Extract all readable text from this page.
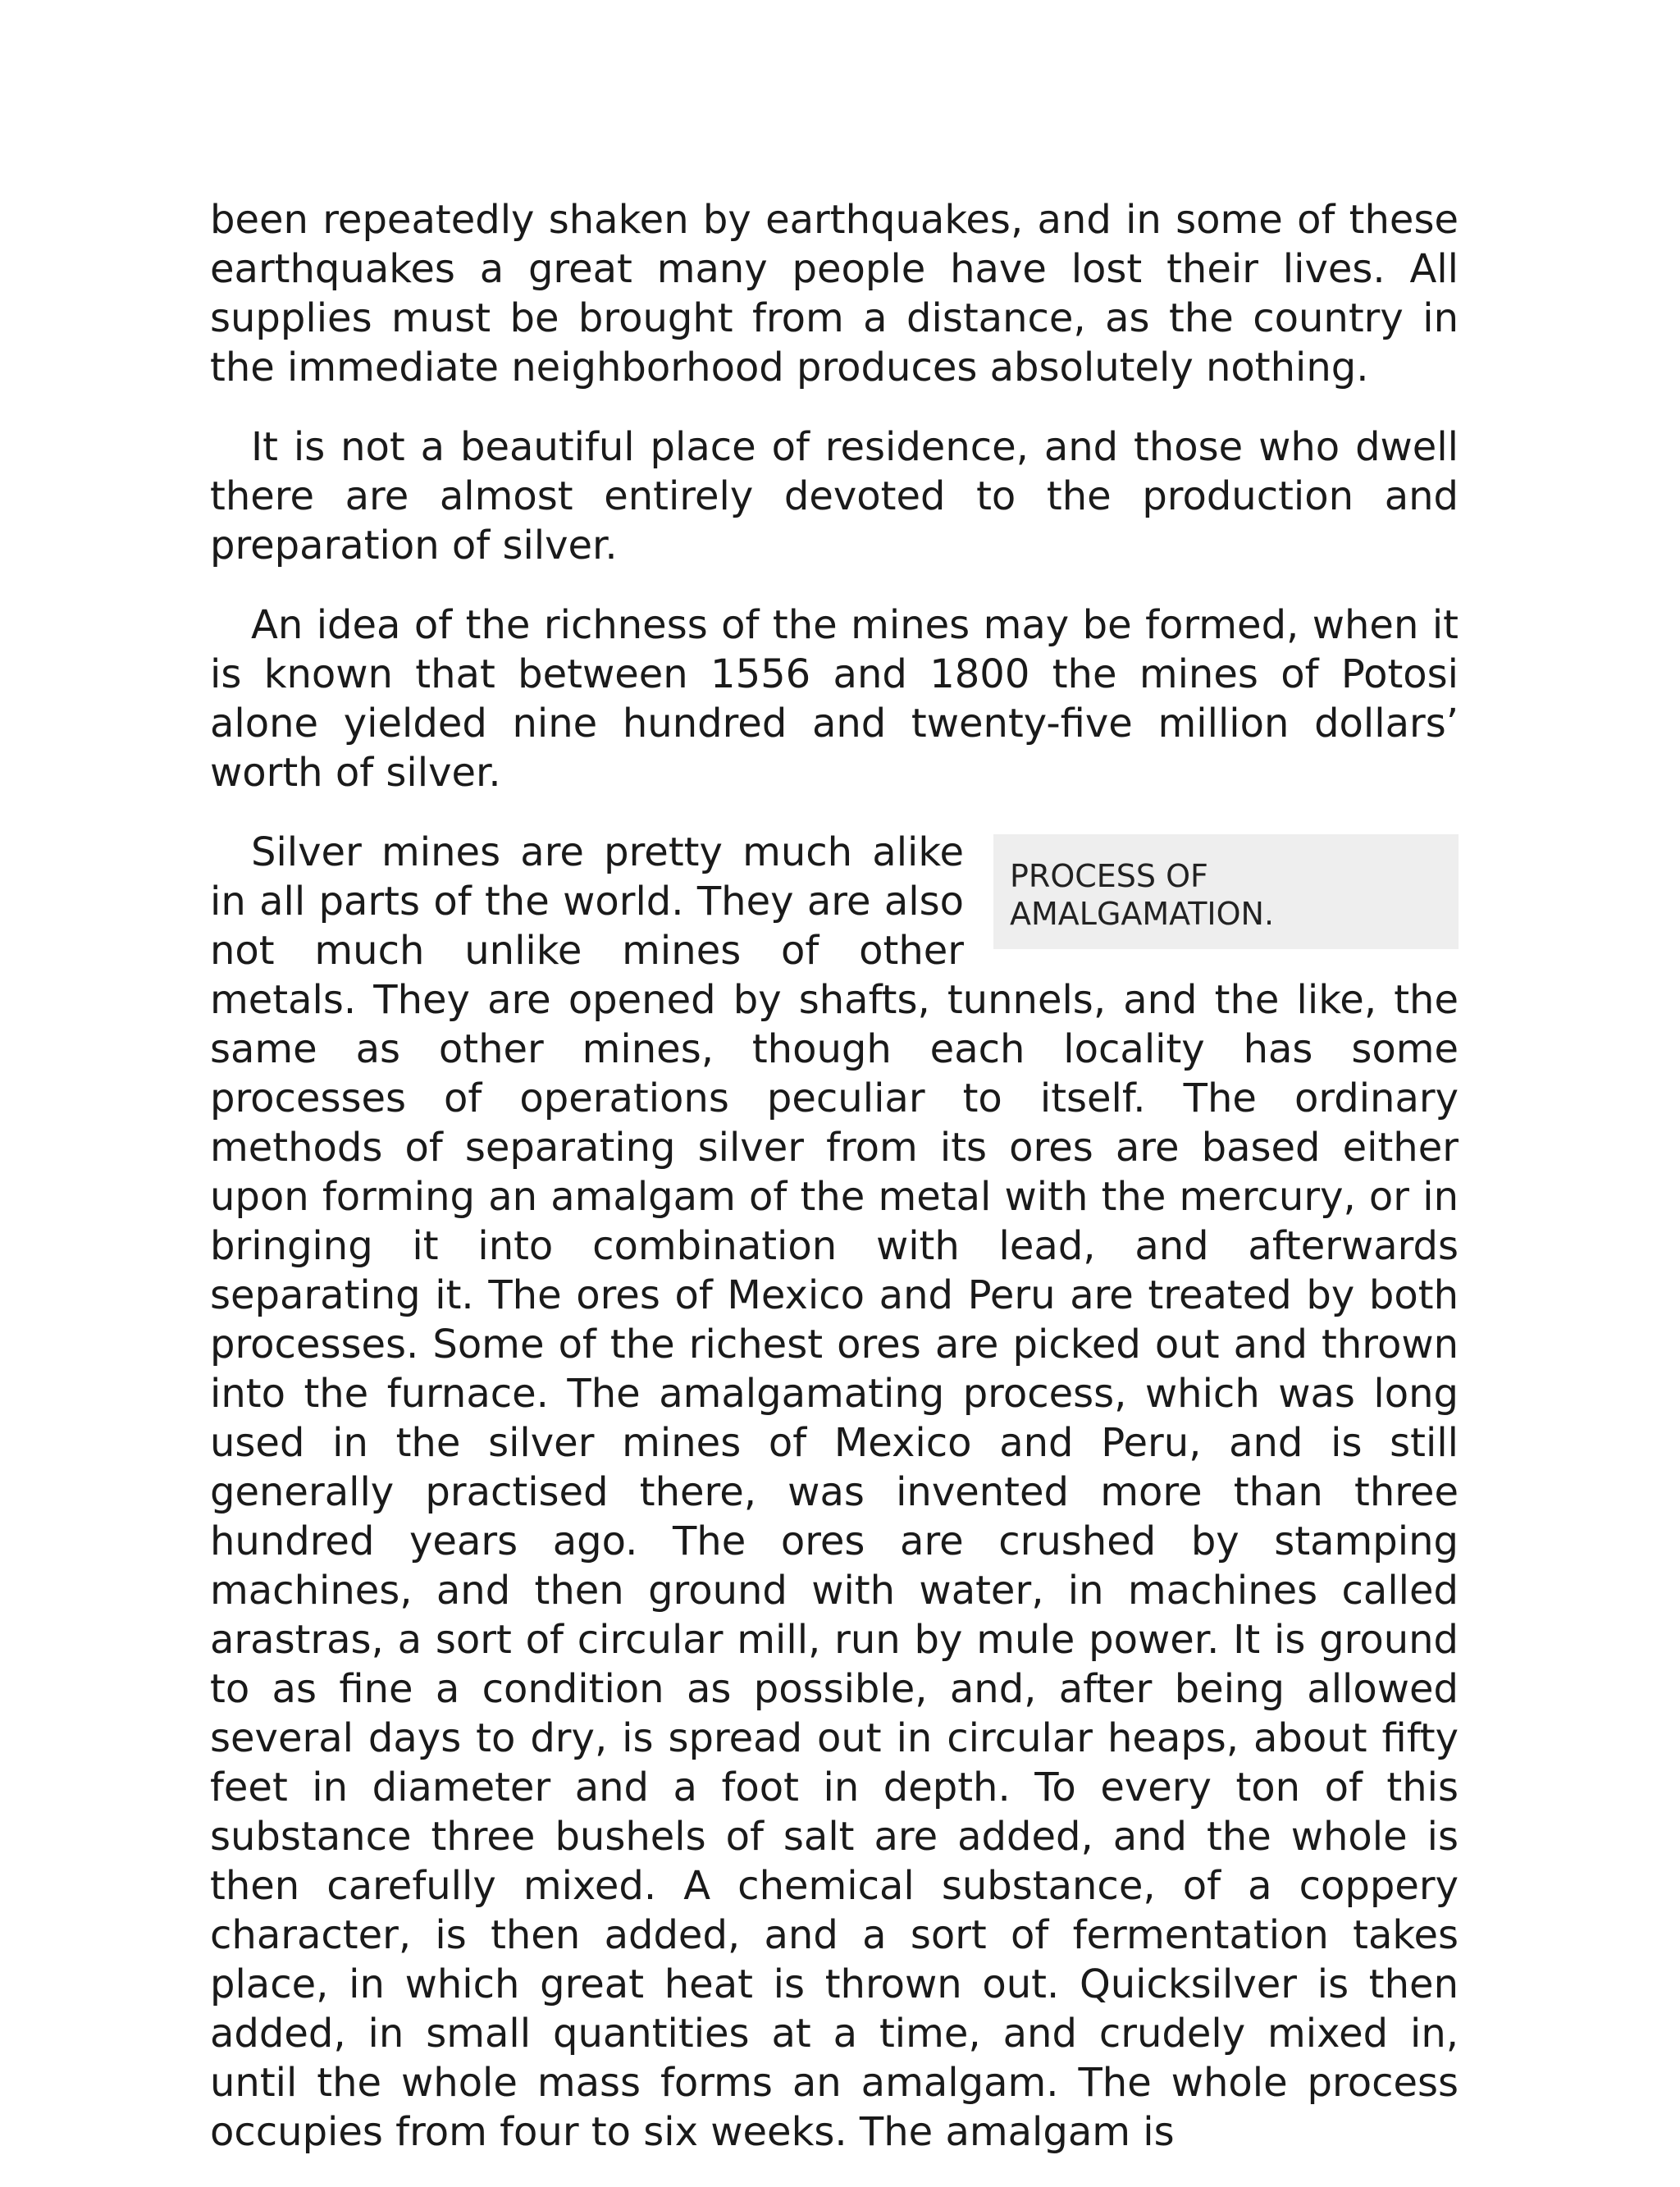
been repeatedly shaken by earthquakes, and in some of these earthquakes a great many people have lost their lives. All supplies must be brought from a distance, as the country in the immediate neighborhood produces absolutely nothing.

It is not a beautiful place of residence, and those who dwell there are almost entirely devoted to the production and preparation of silver.

An idea of the richness of the mines may be formed, when it is known that between 1556 and 1800 the mines of Potosi alone yielded nine hundred and twenty-five million dollars’ worth of silver.

PROCESS OF AMALGAMATION.

Silver mines are pretty much alike in all parts of the world. They are also not much unlike mines of other metals. They are opened by shafts, tunnels, and the like, the same as other mines, though each locality has some processes of operations peculiar to itself. The ordinary methods of separating silver from its ores are based either upon forming an amalgam of the metal with the mercury, or in bringing it into combination with lead, and afterwards separating it. The ores of Mexico and Peru are treated by both processes. Some of the richest ores are picked out and thrown into the furnace. The amalgamating process, which was long used in the silver mines of Mexico and Peru, and is still generally practised there, was invented more than three hundred years ago. The ores are crushed by stamping machines, and then ground with water, in machines called arastras, a sort of circular mill, run by mule power. It is ground to as fine a condition as possible, and, after being allowed several days to dry, is spread out in circular heaps, about fifty feet in diameter and a foot in depth. To every ton of this substance three bushels of salt are added, and the whole is then carefully mixed. A chemical substance, of a coppery character, is then added, and a sort of fermentation takes place, in which great heat is thrown out. Quicksilver is then added, in small quantities at a time, and crudely mixed in, until the whole mass forms an amalgam. The whole process occupies from four to six weeks. The amalgam is
